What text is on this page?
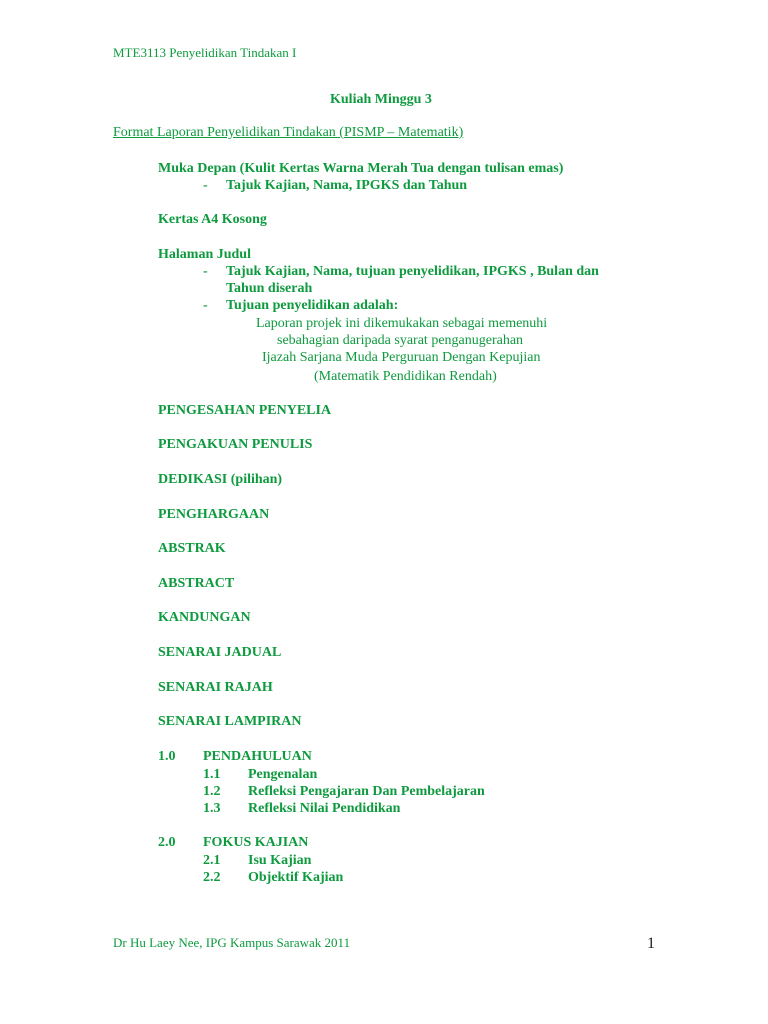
MTE3113 Penyelidikan Tindakan I
Kuliah Minggu 3
Format Laporan Penyelidikan Tindakan (PISMP – Matematik)
Muka Depan (Kulit Kertas Warna Merah Tua dengan tulisan emas)
- Tajuk Kajian, Nama, IPGKS dan Tahun
Kertas A4 Kosong
Halaman Judul
- Tajuk Kajian, Nama, tujuan penyelidikan, IPGKS , Bulan dan
Tahun diserah
- Tujuan penyelidikan adalah:
Laporan projek ini dikemukakan sebagai memenuhi
sebahagian daripada syarat penganugerahan
Ijazah Sarjana Muda Perguruan Dengan Kepujian
(Matematik Pendidikan Rendah)
PENGESAHAN PENYELIA
PENGAKUAN PENULIS
DEDIKASI (pilihan)
PENGHARGAAN
ABSTRAK
ABSTRACT
KANDUNGAN
SENARAI JADUAL
SENARAI RAJAH
SENARAI LAMPIRAN
1.0 PENDAHULUAN
1.1 Pengenalan
1.2 Refleksi Pengajaran Dan Pembelajaran
1.3 Refleksi Nilai Pendidikan
2.0 FOKUS KAJIAN
2.1 Isu Kajian
2.2 Objektif Kajian
Dr Hu Laey Nee, IPG Kampus Sarawak 2011	1
